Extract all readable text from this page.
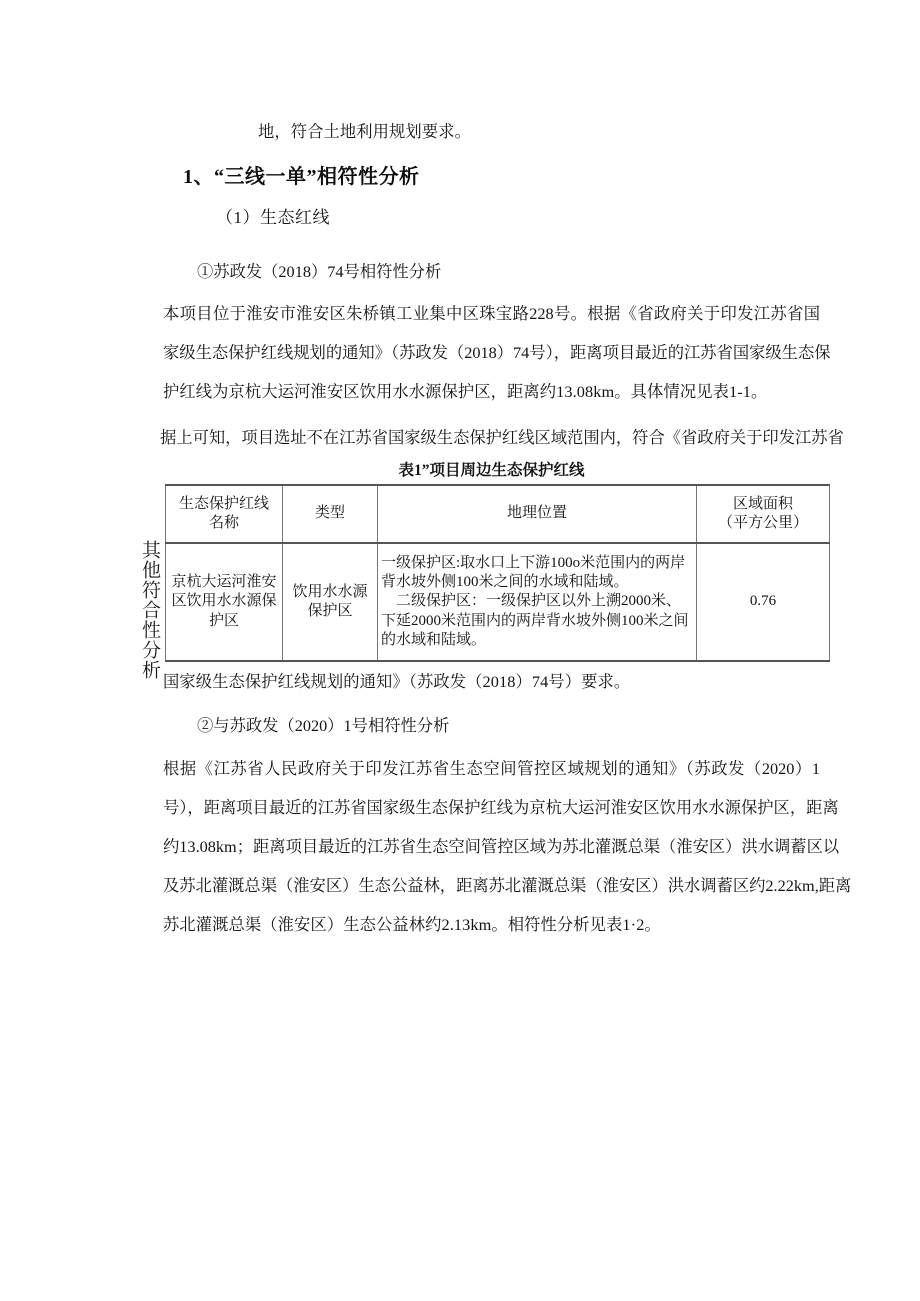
其他符合性分析
地，符合土地利用规划要求。
1、“三线一单”相符性分析
（1）生态红线
①苏政发（2018）74号相符性分析
本项目位于淮安市淮安区朱桥镇工业集中区珠宝路228号。根据《省政府关于印发江苏省国
家级生态保护红线规划的通知》（苏政发（2018）74号），距离项目最近的江苏省国家级生态保
护红线为京杭大运河淮安区饮用水水源保护区，距离约13.08km。具体情况见表1-1。
据上可知，项目选址不在江苏省国家级生态保护红线区域范围内，符合《省政府关于印发江苏省
表1”项目周边生态保护红线
生态保护红线
名称	类型	地理位置	区域面积
（平方公里）

京杭大运河淮安区饮用水水源保护区	饮用水水源保护区	一级保护区:取水口上下游100o米范围内的两岸背水坡外侧100米之间的水域和陆域。
二级保护区：一级保护区以外上溯2000米、下延2000米范围内的两岸背水坡外侧100米之间的水域和陆域。	0.76
国家级生态保护红线规划的通知》（苏政发（2018）74号）要求。
②与苏政发（2020）1号相符性分析
根据《江苏省人民政府关于印发江苏省生态空间管控区域规划的通知》（苏政发（2020）1
号），距离项目最近的江苏省国家级生态保护红线为京杭大运河淮安区饮用水水源保护区，距离
约13.08km；距离项目最近的江苏省生态空间管控区域为苏北灌溉总渠（淮安区）洪水调蓄区以
及苏北灌溉总渠（淮安区）生态公益林，距离苏北灌溉总渠（淮安区）洪水调蓄区约2.22km,距离
苏北灌溉总渠（淮安区）生态公益林约2.13km。相符性分析见表1·2。
